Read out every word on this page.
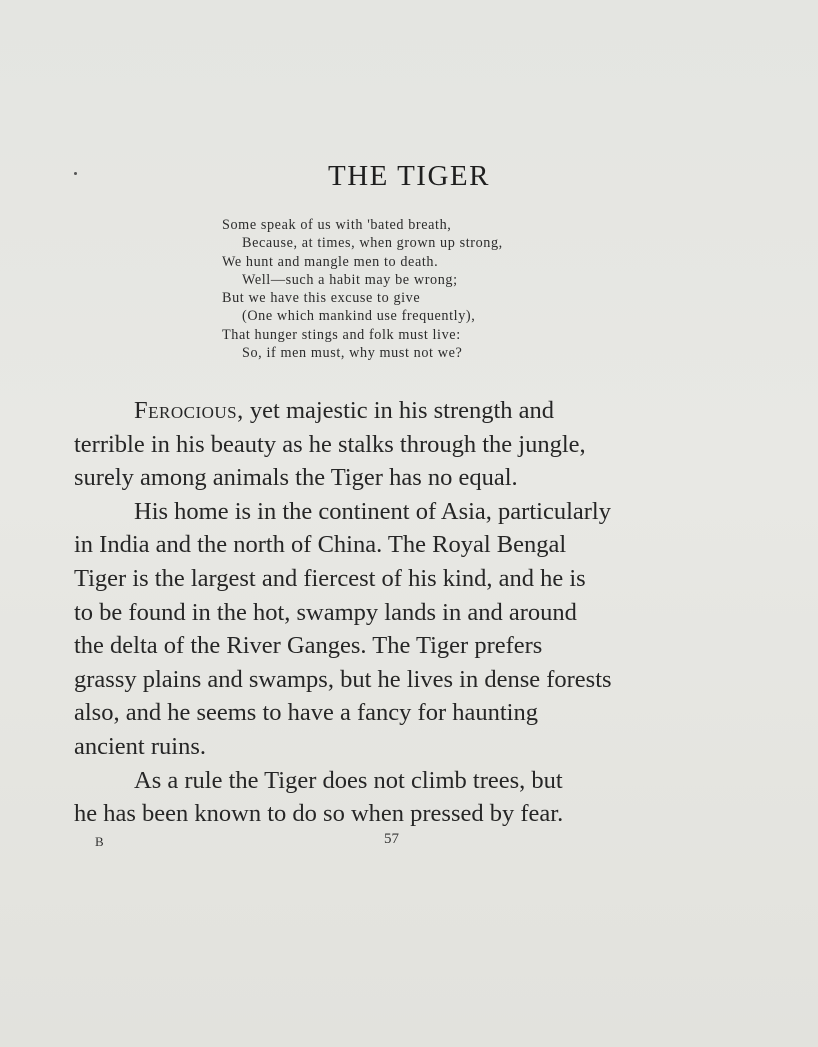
THE TIGER
Some speak of us with 'bated breath,
Because, at times, when grown up strong,
We hunt and mangle men to death.
Well—such a habit may be wrong;
But we have this excuse to give
(One which mankind use frequently),
That hunger stings and folk must live:
So, if men must, why must not we?
Ferocious, yet majestic in his strength and
terrible in his beauty as he stalks through the jungle,
surely among animals the Tiger has no equal.
His home is in the continent of Asia, particularly
in India and the north of China. The Royal Bengal
Tiger is the largest and fiercest of his kind, and he is
to be found in the hot, swampy lands in and around
the delta of the River Ganges. The Tiger prefers
grassy plains and swamps, but he lives in dense forests
also, and he seems to have a fancy for haunting
ancient ruins.
As a rule the Tiger does not climb trees, but
he has been known to do so when pressed by fear.
B	57
